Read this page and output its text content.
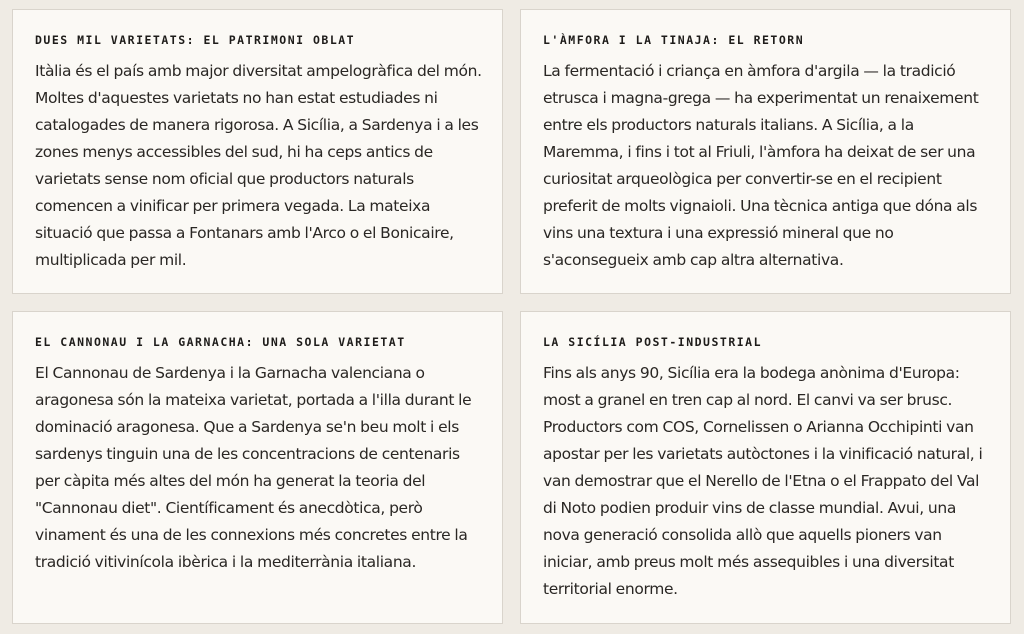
DUES MIL VARIETATS: EL PATRIMONI OBLAT

Itàlia és el país amb major diversitat ampelogràfica del món. Moltes d'aquestes varietats no han estat estudiades ni catalogades de manera rigorosa. A Sicília, a Sardenya i a les zones menys accessibles del sud, hi ha ceps antics de varietats sense nom oficial que productors naturals comencen a vinificar per primera vegada. La mateixa situació que passa a Fontanars amb l'Arco o el Bonicaire, multiplicada per mil.

L'ÀMFORA I LA TINAJA: EL RETORN

La fermentació i criança en àmfora d'argila — la tradició etrusca i magna-grega — ha experimentat un renaixement entre els productors naturals italians. A Sicília, a la Maremma, i fins i tot al Friuli, l'àmfora ha deixat de ser una curiositat arqueològica per convertir-se en el recipient preferit de molts vignaioli. Una tècnica antiga que dóna als vins una textura i una expressió mineral que no s'aconsegueix amb cap altra alternativa.

EL CANNONAU I LA GARNACHA: UNA SOLA VARIETAT

El Cannonau de Sardenya i la Garnacha valenciana o aragonesa són la mateixa varietat, portada a l'illa durant le dominació aragonesa. Que a Sardenya se'n beu molt i els sardenys tinguin una de les concentracions de centenaris per càpita més altes del món ha generat la teoria del "Cannonau diet". Científicament és anecdòtica, però vinament és una de les connexions més concretes entre la tradició vitivinícola ibèrica i la mediterrània italiana.

LA SICÍLIA POST-INDUSTRIAL

Fins als anys 90, Sicília era la bodega anònima d'Europa: most a granel en tren cap al nord. El canvi va ser brusc. Productors com COS, Cornelissen o Arianna Occhipinti van apostar per les varietats autòctones i la vinificació natural, i van demostrar que el Nerello de l'Etna o el Frappato del Val di Noto podien produir vins de classe mundial. Avui, una nova generació consolida allò que aquells pioners van iniciar, amb preus molt més assequibles i una diversitat territorial enorme.
